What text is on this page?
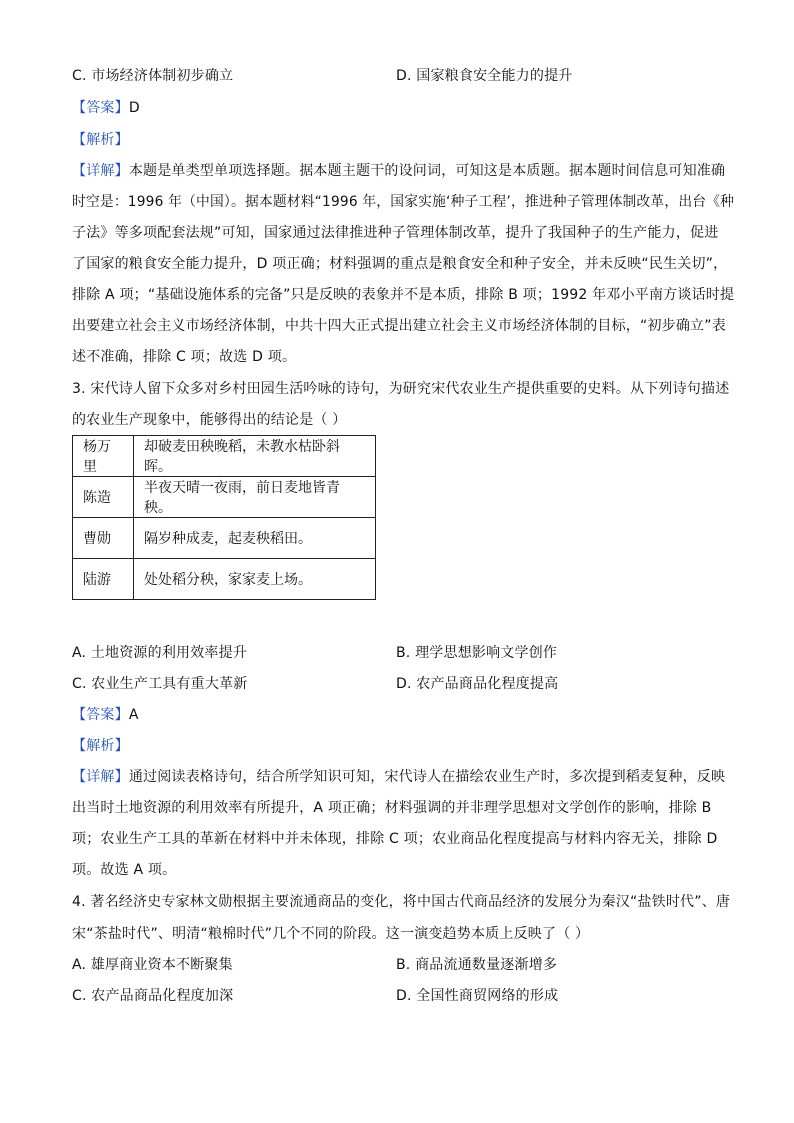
C. 市场经济体制初步确立	D. 国家粮食安全能力的提升
【答案】D
【解析】
【详解】本题是单类型单项选择题。据本题主题干的设问词，可知这是本质题。据本题时间信息可知准确
时空是：1996 年（中国）。据本题材料“1996 年，国家实施‘种子工程’，推进种子管理体制改革，出台《种
子法》等多项配套法规”可知，国家通过法律推进种子管理体制改革，提升了我国种子的生产能力，促进
了国家的粮食安全能力提升，D 项正确；材料强调的重点是粮食安全和种子安全，并未反映“民生关切”，
排除 A 项；“基础设施体系的完备”只是反映的表象并不是本质，排除 B 项；1992 年邓小平南方谈话时提
出要建立社会主义市场经济体制，中共十四大正式提出建立社会主义市场经济体制的目标，“初步确立”表
述不准确，排除 C 项；故选 D 项。
3. 宋代诗人留下众多对乡村田园生活吟咏的诗句，为研究宋代农业生产提供重要的史料。从下列诗句描述
的农业生产现象中，能够得出的结论是（ ）
杨万里	却破麦田秧晚稻，未教水枯卧斜晖。
陈造	半夜天晴一夜雨，前日麦地皆青秧。
曹勋	隔岁种成麦，起麦秧稻田。
陆游	处处稻分秧，家家麦上场。
A. 土地资源的利用效率提升	B. 理学思想影响文学创作
C. 农业生产工具有重大革新	D. 农产品商品化程度提高
【答案】A
【解析】
【详解】通过阅读表格诗句，结合所学知识可知，宋代诗人在描绘农业生产时，多次提到稻麦复种，反映
出当时土地资源的利用效率有所提升，A 项正确；材料强调的并非理学思想对文学创作的影响，排除 B
项；农业生产工具的革新在材料中并未体现，排除 C 项；农业商品化程度提高与材料内容无关，排除 D
项。故选 A 项。
4. 著名经济史专家林文勋根据主要流通商品的变化，将中国古代商品经济的发展分为秦汉“盐铁时代”、唐
宋“茶盐时代”、明清“粮棉时代”几个不同的阶段。这一演变趋势本质上反映了（ ）
A. 雄厚商业资本不断聚集	B. 商品流通数量逐渐增多
C. 农产品商品化程度加深	D. 全国性商贸网络的形成
